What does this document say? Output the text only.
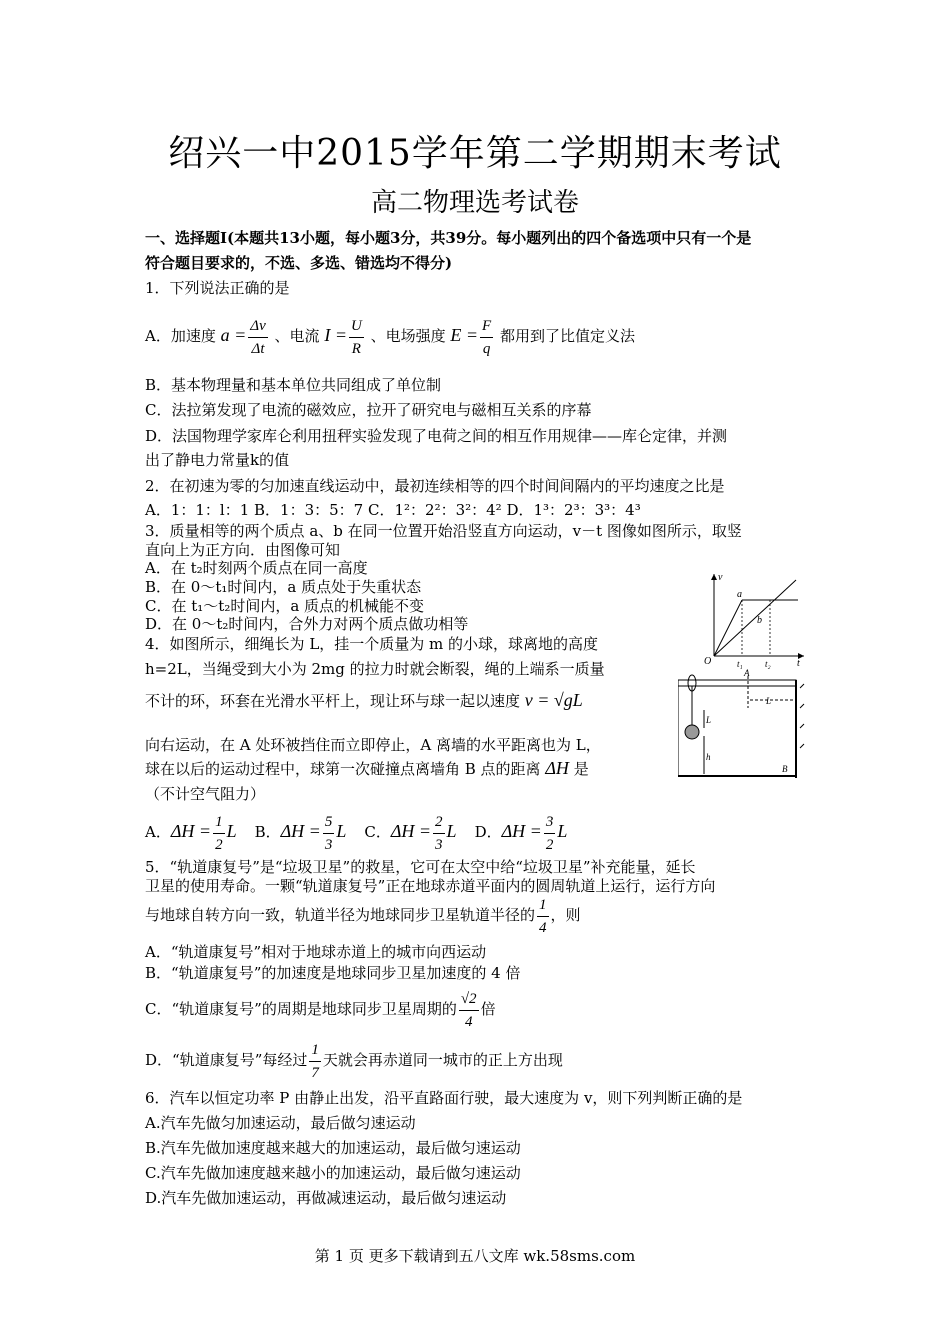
绍兴一中2015学年第二学期期末考试
高二物理选考试卷
一、选择题I(本题共13小题，每小题3分，共39分。每小题列出的四个备选项中只有一个是
符合题目要求的，不选、多选、错选均不得分)
1．下列说法正确的是
A．加速度 $a = \frac{\Delta v}{\Delta t}$ 、电流 $I = \frac{U}{R}$ 、电场强度 $E = \frac{F}{q}$ 都用到了比值定义法
B．基本物理量和基本单位共同组成了单位制
C．法拉第发现了电流的磁效应，拉开了研究电与磁相互关系的序幕
D．法国物理学家库仑利用扭秤实验发现了电荷之间的相互作用规律——库仑定律，并测
出了静电力常量k的值
2．在初速为零的匀加速直线运动中，最初连续相等的四个时间间隔内的平均速度之比是
A．1：1：l：1 B．1：3：5：7 C．1²：2²：3²：4² D．1³：2³：3³：4³
3．质量相等的两个质点 a、b 在同一位置开始沿竖直方向运动，v－t 图像如图所示，取竖
直向上为正方向．由图像可知
A．在 t₂时刻两个质点在同一高度
B．在 0～t₁时间内，a 质点处于失重状态
C．在 t₁～t₂时间内，a 质点的机械能不变
D．在 0～t₂时间内，合外力对两个质点做功相等
v
t
O
a
b
t₁ t₂
4．如图所示，细绳长为 L，挂一个质量为 m 的小球，球离地的高度
h=2L，当绳受到大小为 2mg 的拉力时就会断裂，绳的上端系一质量
不计的环，环套在光滑水平杆上，现让环与球一起以速度 v = √gL
向右运动，在 A 处环被挡住而立即停止，A 离墙的水平距离也为 L，
球在以后的运动过程中，球第一次碰撞点离墙角 B 点的距离 ΔH 是
（不计空气阻力）
A．$\Delta H = \frac{1}{2}$ L B．$\Delta H = \frac{5}{3}$ L C．$\Delta H = \frac{2}{3}$ L D．$\Delta H = \frac{3}{2}$ L
A
L
L
h
B
5．“轨道康复号”是“垃圾卫星”的救星，它可在太空中给“垃圾卫星”补充能量，延长
卫星的使用寿命。一颗“轨道康复号”正在地球赤道平面内的圆周轨道上运行，运行方向
与地球自转方向一致，轨道半径为地球同步卫星轨道半径的 $\frac{1}{4}$ ，则
A．“轨道康复号”相对于地球赤道上的城市向西运动
B．“轨道康复号”的加速度是地球同步卫星加速度的 4 倍
C．“轨道康复号”的周期是地球同步卫星周期的 $\frac{√2}{4}$ 倍
D．“轨道康复号”每经过 $\frac{1}{7}$ 天就会再赤道同一城市的正上方出现
6．汽车以恒定功率 P 由静止出发，沿平直路面行驶，最大速度为 v，则下列判断正确的是
A.汽车先做匀加速运动，最后做匀速运动
B.汽车先做加速度越来越大的加速运动，最后做匀速运动
C.汽车先做加速度越来越小的加速运动，最后做匀速运动
D.汽车先做加速运动，再做减速运动，最后做匀速运动
第 1 页 更多下载请到五八文库 wk.58sms.com
